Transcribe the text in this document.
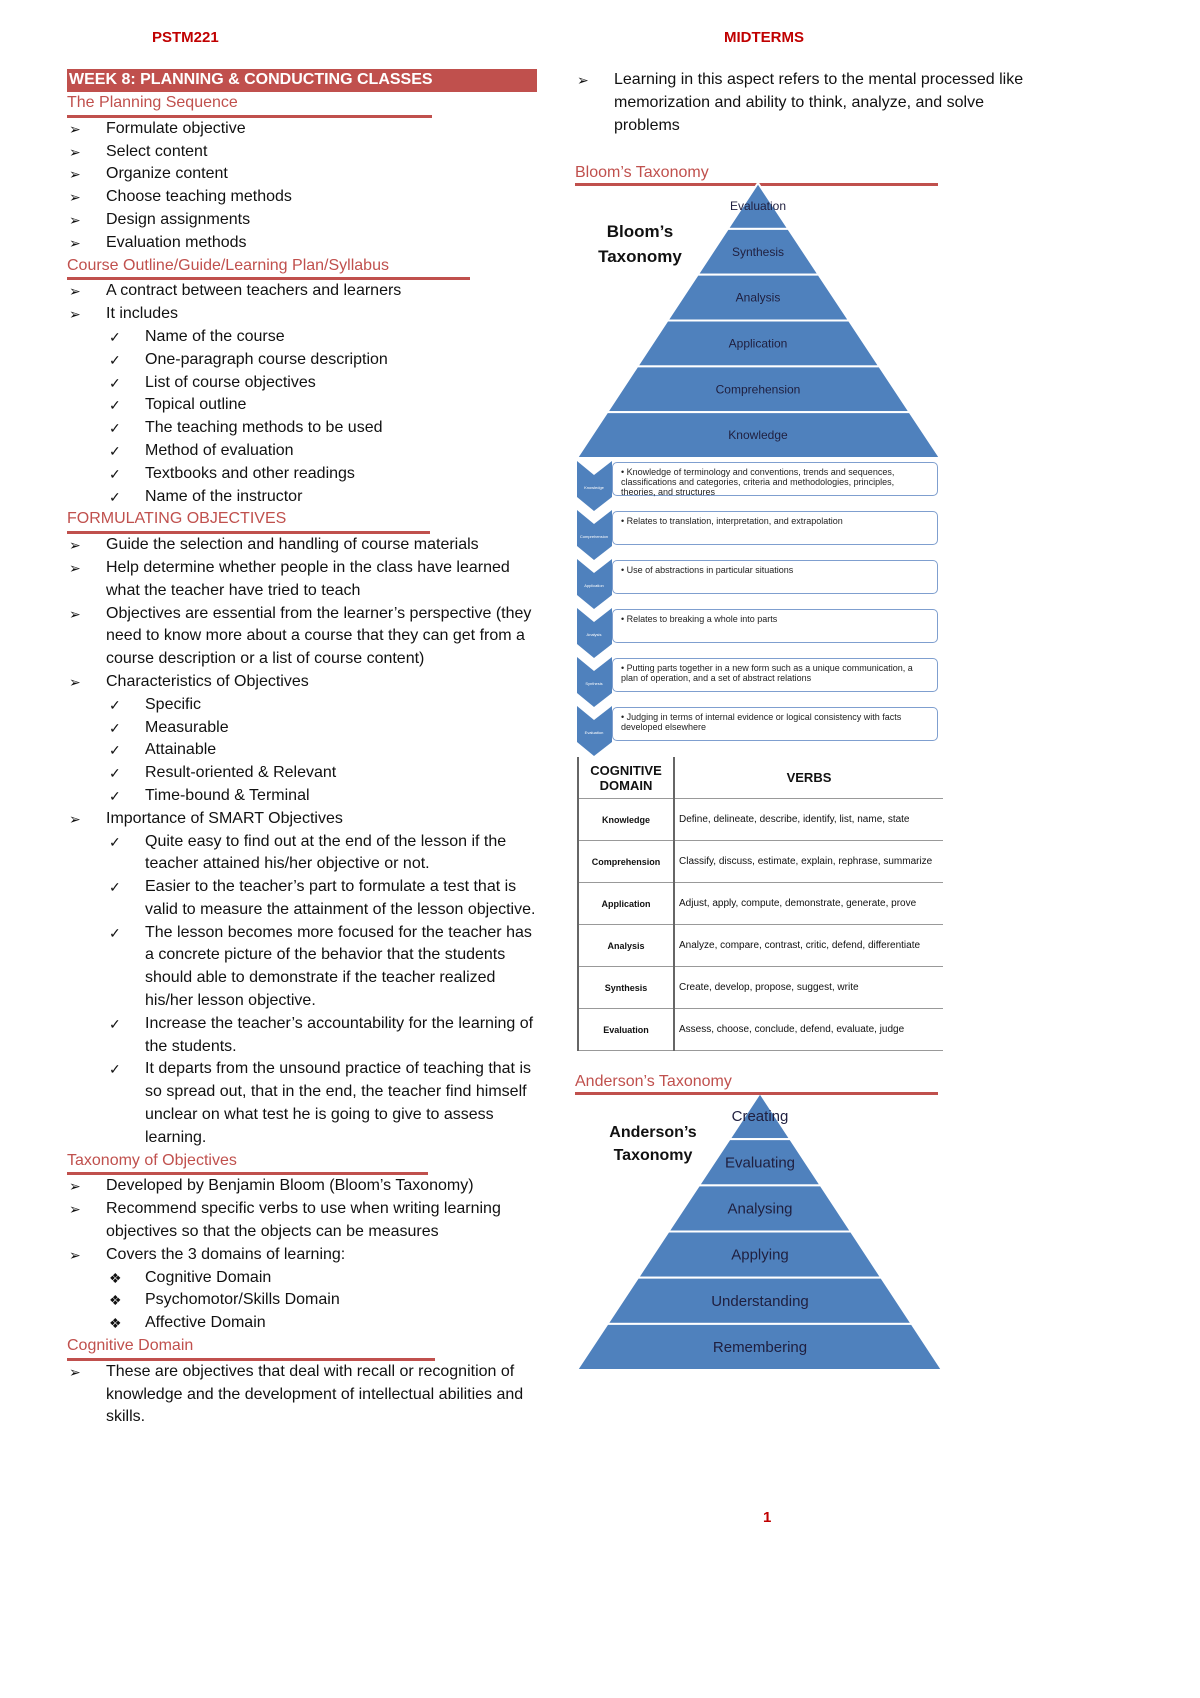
PSTM221	MIDTERMS
1
WEEK 8: PLANNING & CONDUCTING CLASSES
The Planning Sequence
➢ Formulate objective
➢ Select content
➢ Organize content
➢ Choose teaching methods
➢ Design assignments
➢ Evaluation methods
Course Outline/Guide/Learning Plan/Syllabus
➢ A contract between teachers and learners
➢ It includes
✓ Name of the course
✓ One-paragraph course description
✓ List of course objectives
✓ Topical outline
✓ The teaching methods to be used
✓ Method of evaluation
✓ Textbooks and other readings
✓ Name of the instructor
FORMULATING OBJECTIVES
➢ Guide the selection and handling of course materials
➢ Help determine whether people in the class have learned what the teacher have tried to teach
➢ Objectives are essential from the learner’s perspective (they need to know more about a course that they can get from a course description or a list of course content)
➢ Characteristics of Objectives
✓ Specific
✓ Measurable
✓ Attainable
✓ Result-oriented & Relevant
✓ Time-bound & Terminal
➢ Importance of SMART Objectives
✓ Quite easy to find out at the end of the lesson if the teacher attained his/her objective or not.
✓ Easier to the teacher’s part to formulate a test that is valid to measure the attainment of the lesson objective.
✓ The lesson becomes more focused for the teacher has a concrete picture of the behavior that the students should able to demonstrate if the teacher realized his/her lesson objective.
✓ Increase the teacher’s accountability for the learning of the students.
✓ It departs from the unsound practice of teaching that is so spread out, that in the end, the teacher find himself unclear on what test he is going to give to assess learning.
Taxonomy of Objectives
➢ Developed by Benjamin Bloom (Bloom’s Taxonomy)
➢ Recommend specific verbs to use when writing learning objectives so that the objects can be measures
➢ Covers the 3 domains of learning:
❖ Cognitive Domain
❖ Psychomotor/Skills Domain
❖ Affective Domain
Cognitive Domain
➢ These are objectives that deal with recall or recognition of knowledge and the development of intellectual abilities and skills.
➢ Learning in this aspect refers to the mental processed like memorization and ability to think, analyze, and solve problems
Bloom’s Taxonomy
Evaluation
Synthesis
Analysis
Application
Comprehension
Knowledge
Creating
Evaluating
Analysing
Applying
Understanding
Remembering
Knowledge
Comprehension
Application
Analysis
Synthesis
Evaluation
Bloom’s Taxonomy
COGNITIVE DOMAIN	VERBS
Knowledge	Define, delineate, describe, identify, list, name, state
Comprehension	Classify, discuss, estimate, explain, rephrase, summarize
Application	Adjust, apply, compute, demonstrate, generate, prove
Analysis	Analyze, compare, contrast, critic, defend, differentiate
Synthesis	Create, develop, propose, suggest, write
Evaluation	Assess, choose, conclude, defend, evaluate, judge
Anderson’s Taxonomy
Anderson’s Taxonomy
• Knowledge of terminology and conventions, trends and sequences, classifications and categories, criteria and methodologies, principles, theories, and structures
• Relates to translation, interpretation, and extrapolation
• Use of abstractions in particular situations
• Relates to breaking a whole into parts
• Putting parts together in a new form such as a unique communication, a plan of operation, and a set of abstract relations
• Judging in terms of internal evidence or logical consistency with facts developed elsewhere
